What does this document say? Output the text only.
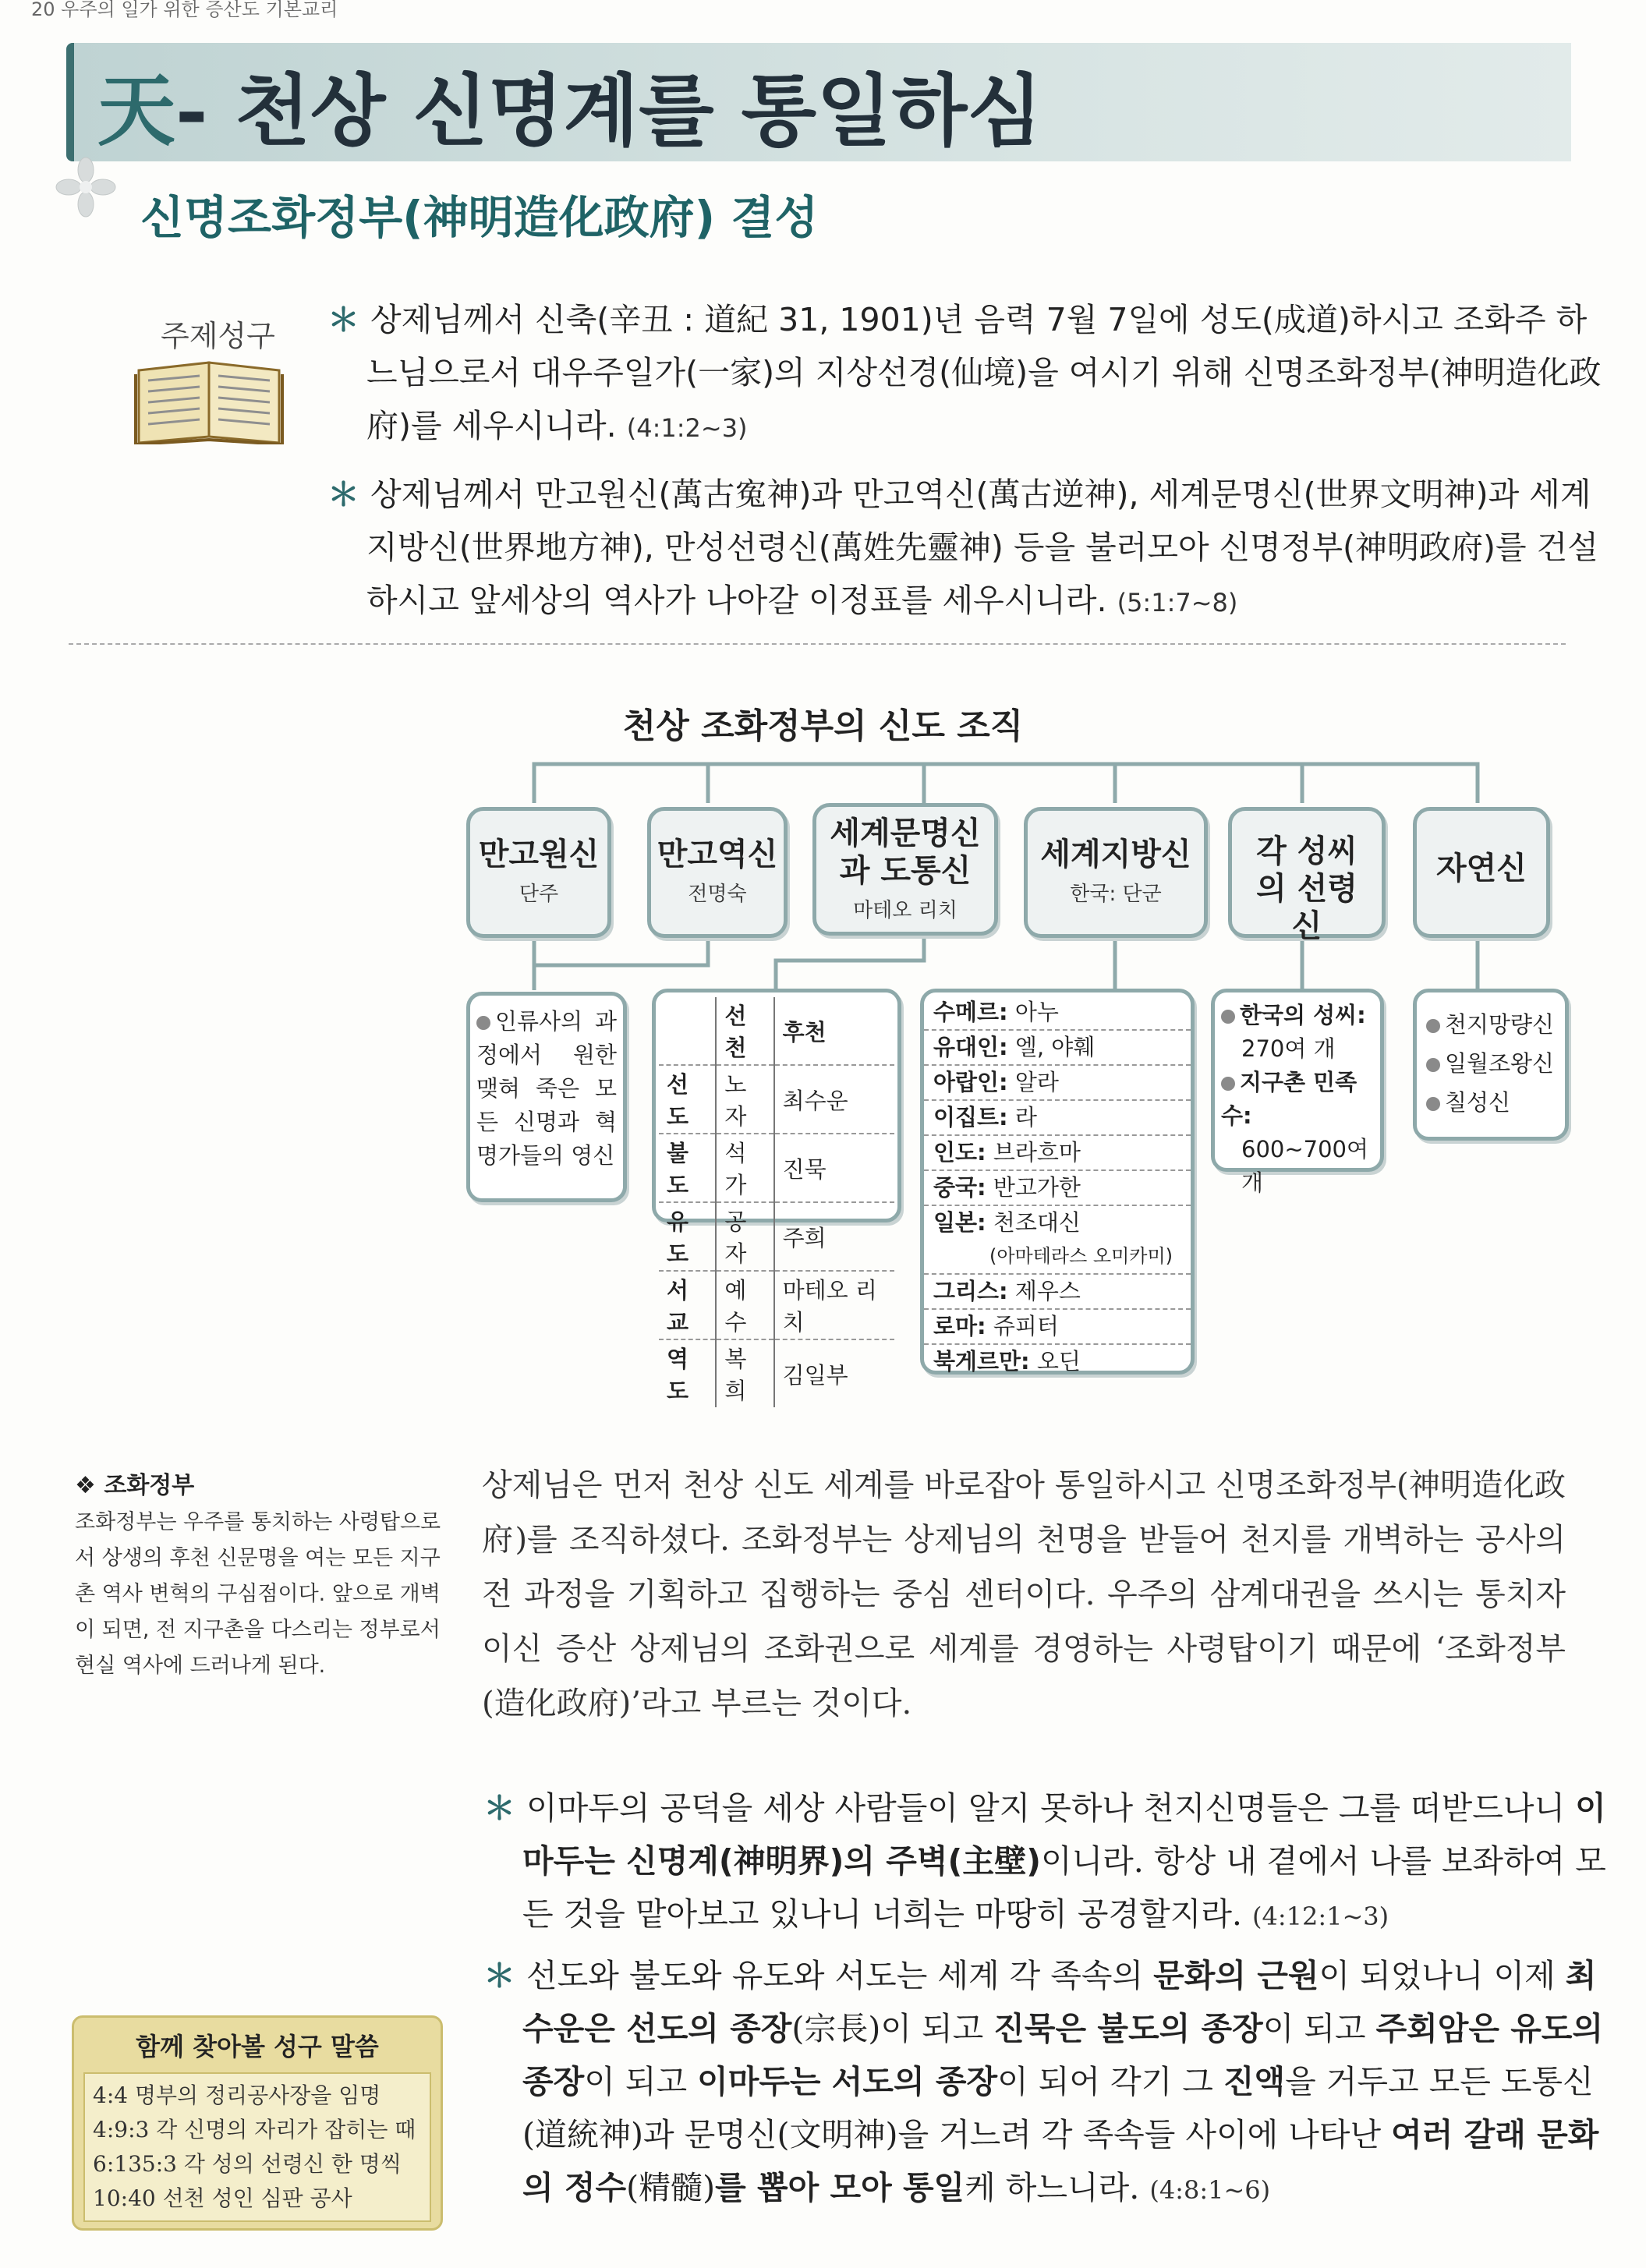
20 우주의 일가 위한 증산도 기본교리
天- 천상 신명계를 통일하심
신명조화정부(神明造化政府) 결성
주제성구 ＊ 상제님께서 신축(辛丑 : 道紀 31, 1901)년 음력 7월 7일에 성도(成道)하시고 조화주 하느님으로서 대우주일가(一家)의 지상선경(仙境)을 여시기 위해 신명조화정부(神明造化政府)를 세우시니라. (4:1:2~3)
＊ 상제님께서 만고원신(萬古寃神)과 만고역신(萬古逆神), 세계문명신(世界文明神)과 세계지방신(世界地方神), 만성선령신(萬姓先靈神) 등을 불러모아 신명정부(神明政府)를 건설하시고 앞세상의 역사가 나아갈 이정표를 세우시니라. (5:1:7~8)
천상 조화정부의 신도 조직
만고원신
단주
만고역신
전명숙
세계문명신과 도통신
마테오 리치
세계지방신
한국: 단군
각 성씨의 선령신
자연신
인류사의 과정에서 원한 맺혀 죽은 모든 신명과 혁명가들의 영신
	선천	후천
선도	노자	최수운
불도	석가	진묵
유도	공자	주희
서교	예수	마테오 리치
역도	복희	김일부
수메르: 아누
유대인: 엘, 야훼
아랍인: 알라
이집트: 라
인도: 브라흐마
중국: 반고가한
일본: 천조대신
(아마테라스 오미카미)
그리스: 제우스
로마: 쥬피터
북게르만: 오딘
한국의 성씨:
270여 개
지구촌 민족수:
600~700여 개
천지망량신
일월조왕신
칠성신
❖ 조화정부
조화정부는 우주를 통치하는 사령탑으로서 상생의 후천 신문명을 여는 모든 지구촌 역사 변혁의 구심점이다. 앞으로 개벽이 되면, 전 지구촌을 다스리는 정부로서 현실 역사에 드러나게 된다.
상제님은 먼저 천상 신도 세계를 바로잡아 통일하시고 신명조화정부(神明造化政府)를 조직하셨다. 조화정부는 상제님의 천명을 받들어 천지를 개벽하는 공사의 전 과정을 기획하고 집행하는 중심 센터이다. 우주의 삼계대권을 쓰시는 통치자이신 증산 상제님의 조화권으로 세계를 경영하는 사령탑이기 때문에 ‘조화정부(造化政府)’라고 부르는 것이다.
＊ 이마두의 공덕을 세상 사람들이 알지 못하나 천지신명들은 그를 떠받드나니 이마두는 신명계(神明界)의 주벽(主壁)이니라. 항상 내 곁에서 나를 보좌하여 모든 것을 맡아보고 있나니 너희는 마땅히 공경할지라. (4:12:1~3)
＊ 선도와 불도와 유도와 서도는 세계 각 족속의 문화의 근원이 되었나니 이제 최수운은 선도의 종장(宗長)이 되고 진묵은 불도의 종장이 되고 주회암은 유도의 종장이 되고 이마두는 서도의 종장이 되어 각기 그 진액을 거두고 모든 도통신(道統神)과 문명신(文明神)을 거느려 각 족속들 사이에 나타난 여러 갈래 문화의 정수(精髓)를 뽑아 모아 통일케 하느니라. (4:8:1~6)
함께 찾아볼 성구 말씀
4:4 명부의 정리공사장을 임명
4:9:3 각 신명의 자리가 잡히는 때
6:135:3 각 성의 선령신 한 명씩
10:40 선천 성인 심판 공사
